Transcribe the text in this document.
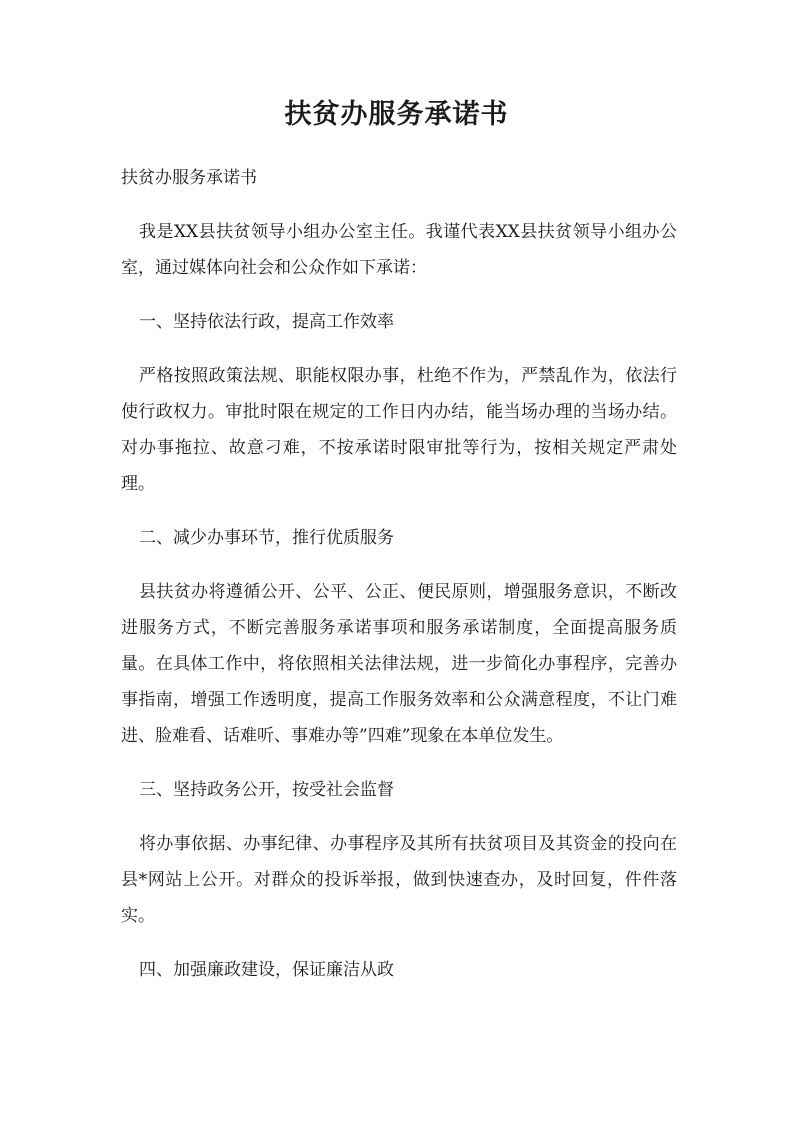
扶贫办服务承诺书

扶贫办服务承诺书

我是XX县扶贫领导小组办公室主任。我谨代表XX县扶贫领导小组办公室，通过媒体向社会和公众作如下承诺：

一、坚持依法行政，提高工作效率

严格按照政策法规、职能权限办事，杜绝不作为，严禁乱作为，依法行使行政权力。审批时限在规定的工作日内办结，能当场办理的当场办结。对办事拖拉、故意刁难，不按承诺时限审批等行为，按相关规定严肃处理。

二、减少办事环节，推行优质服务

县扶贫办将遵循公开、公平、公正、便民原则，增强服务意识，不断改进服务方式，不断完善服务承诺事项和服务承诺制度，全面提高服务质量。在具体工作中，将依照相关法律法规，进一步简化办事程序，完善办事指南，增强工作透明度，提高工作服务效率和公众满意程度，不让门难进、脸难看、话难听、事难办等”四难”现象在本单位发生。

三、坚持政务公开，按受社会监督

将办事依据、办事纪律、办事程序及其所有扶贫项目及其资金的投向在县*网站上公开。对群众的投诉举报，做到快速查办，及时回复，件件落实。

四、加强廉政建设，保证廉洁从政
